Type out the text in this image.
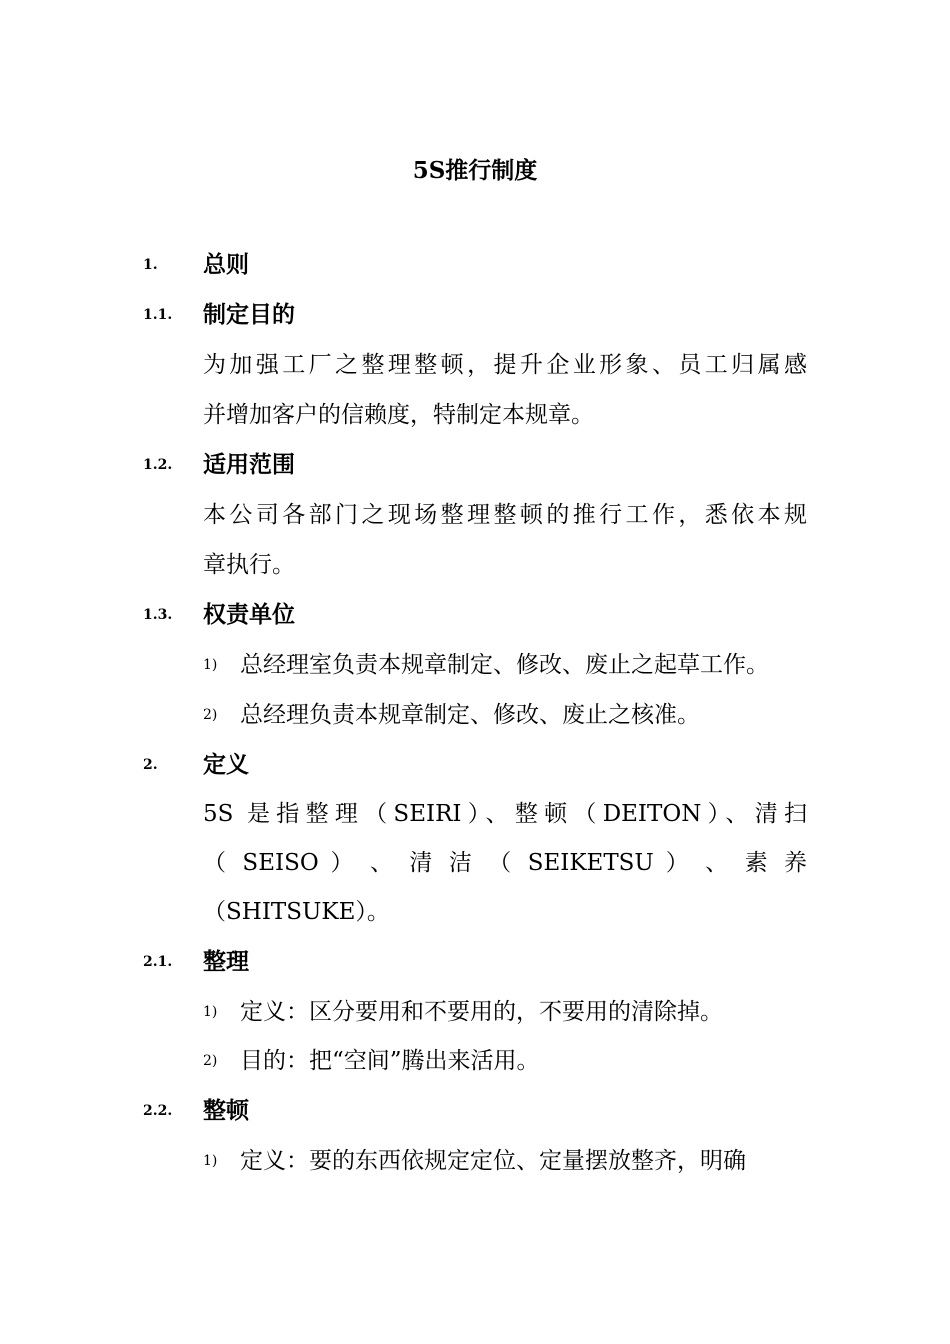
5S推行制度
1. 总则
1.1. 制定目的
为加强工厂之整理整顿，提升企业形象、员工归属感
并增加客户的信赖度，特制定本规章。
1.2. 适用范围
本公司各部门之现场整理整顿的推行工作，悉依本规
章执行。
1.3. 权责单位
1) 总经理室负责本规章制定、修改、废止之起草工作。
2) 总经理负责本规章制定、修改、废止之核准。
2. 定义
5S 是指整理（SEIRI）、整顿（DEITON）、清扫
（ SEISO ） 、 清 洁 （ SEIKETSU ） 、 素 养
（SHITSUKE）。
2.1. 整理
1) 定义：区分要用和不要用的，不要用的清除掉。
2) 目的：把“空间”腾出来活用。
2.2. 整顿
1) 定义：要的东西依规定定位、定量摆放整齐，明确
